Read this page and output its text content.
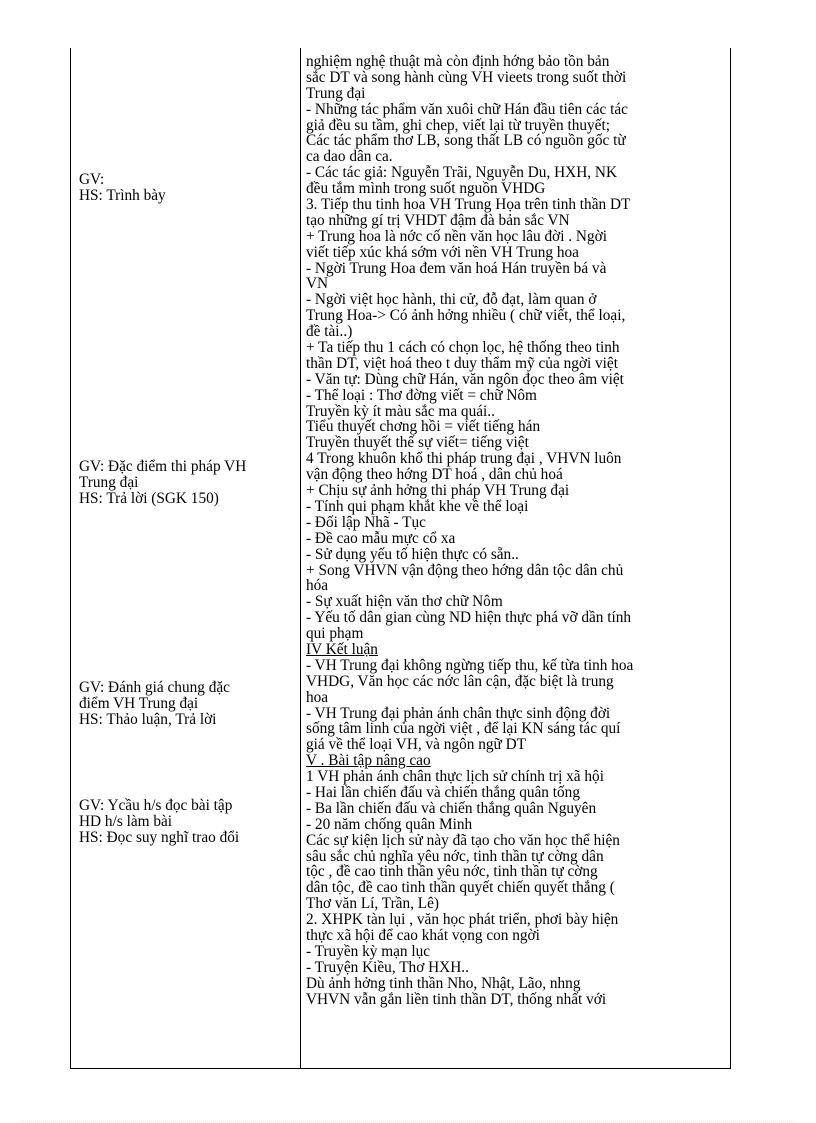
GV:
HS: Trình bày
GV: Đặc điểm thi pháp VH
Trung đại
HS: Trả lời (SGK 150)
GV: Đánh giá chung đặc
điểm VH Trung đại
HS: Thảo luận, Trả lời
GV: Ycầu h/s đọc bài tập
HD h/s làm bài
HS: Đọc suy nghĩ trao đổi
nghiệm nghệ thuật mà còn định hớng bảo tồn bản
sắc DT và song hành cùng VH vieets trong suốt thời
Trung đại
- Những tác phẩm văn xuôi chữ Hán đầu tiên các tác
giả đều su tầm, ghi chep, viết lại từ truyền thuyết;
Các tác phẩm thơ LB, song thất LB có nguồn gốc từ
ca dao dân ca.
- Các tác giả: Nguyễn Trãi, Nguyễn Du, HXH, NK
đều tắm mình trong suốt nguồn VHDG
3. Tiếp thu tinh hoa VH Trung Họa trên tinh thần DT
tạo những gí trị VHDT đậm đà bản sắc VN
+ Trung hoa là nớc cố nền văn học lâu đời . Ngời
viết tiếp xúc khá sớm với nền VH Trung hoa
- Ngời Trung Hoa đem văn hoá Hán truyền bá và
VN
- Ngời việt học hành, thi cử, đỗ đạt, làm quan ở
Trung Hoa-> Có ảnh hởng nhiều ( chữ viết, thể loại,
đề tài..)
+ Ta tiếp thu 1 cách có chọn lọc, hệ thống theo tinh
thần DT, việt hoá theo t duy thẩm mỹ của ngời việt
- Văn tự: Dùng chữ Hán, văn ngôn đọc theo âm việt
- Thể loại : Thơ đờng viết = chữ Nôm
Truyền kỳ ít màu sắc ma quái..
Tiểu thuyết chơng hồi = viết tiếng hán
Truyền thuyết thế sự viết= tiếng việt
4 Trong khuôn khổ thi pháp trung đại , VHVN luôn
vận động theo hớng DT hoá , dân chủ hoá
+ Chịu sự ảnh hởng thi pháp VH Trung đại
- Tính qui phạm khắt khe về thể loại
- Đối lập Nhã - Tục
- Đề cao mẫu mực cổ xa
- Sử dụng yếu tố hiện thực có sẵn..
+ Song VHVN vận động theo hớng dân tộc dân chủ
hóa
- Sự xuất hiện văn thơ chữ Nôm
- Yếu tố dân gian cùng ND hiện thực phá vỡ dần tính
qui phạm
IV Kết luận
- VH Trung đại không ngừng tiếp thu, kế từa tinh hoa
VHDG, Văn học các nớc lân cận, đặc biệt là trung
hoa
- VH Trung đại phản ánh chân thực sinh động đời
sống tâm linh của ngời việt , để lại KN sáng tác quí
giá về thể loại VH, và ngôn ngữ DT
V . Bài tập nâng cao
1 VH phản ánh chân thực lịch sử chính trị xã hội
- Hai lần chiến đấu và chiến thắng quân tống
- Ba lần chiến đấu và chiến thắng quân Nguyên
- 20 năm chống quân Minh
Các sự kiện lịch sử này đã tạo cho văn học thể hiện
sâu sắc chủ nghĩa yêu nớc, tinh thần tự cờng dân
tộc , đề cao tinh thần yêu nớc, tinh thần tự cờng
dân tộc, đề cao tinh thần quyết chiến quyết thắng (
Thơ văn Lí, Trần, Lê)
2. XHPK tàn lụi , văn học phát triển, phơi bày hiện
thực xã hội để cao khát vọng con ngời
- Truyền kỳ mạn lục
- Truyện Kiều, Thơ HXH..
Dù ảnh hởng tinh thần Nho, Nhật, Lão, nhng
VHVN vẫn gắn liền tinh thần DT, thống nhất với
